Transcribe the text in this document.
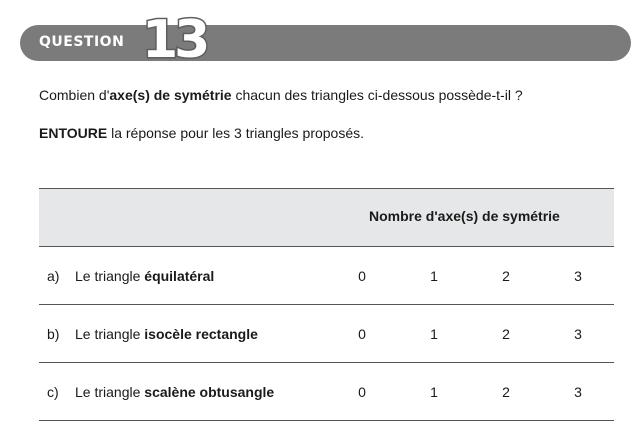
QUESTION 13
Combien d'axe(s) de symétrie chacun des triangles ci-dessous possède-t-il ?
ENTOURE la réponse pour les 3 triangles proposés.
Nombre d'axe(s) de symétrie
a) Le triangle équilatéral	0	1	2	3
b) Le triangle isocèle rectangle	0	1	2	3
c) Le triangle scalène obtusangle	0	1	2	3
